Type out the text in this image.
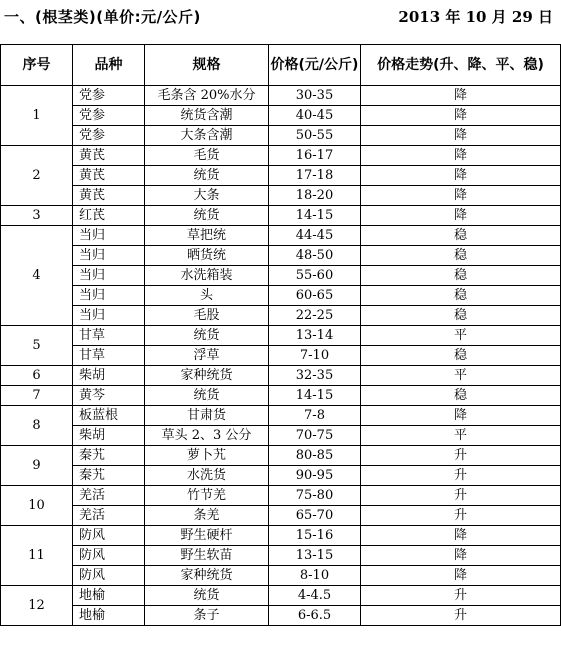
一、(根茎类)(单价:元/公斤)	2013 年 10 月 29 日
序号	品种	规格	价格(元/公斤)	价格走势(升、降、平、稳)
1	党参	毛条含 20%水分	30-35	降
	党参	统货含潮	40-45	降
	党参	大条含潮	50-55	降
2	黄芪	毛货	16-17	降
	黄芪	统货	17-18	降
	黄芪	大条	18-20	降
3	红芪	统货	14-15	降
4	当归	草把统	44-45	稳
	当归	晒货统	48-50	稳
	当归	水洗箱装	55-60	稳
	当归	头	60-65	稳
	当归	毛股	22-25	稳
5	甘草	统货	13-14	平
	甘草	浮草	7-10	稳
6	柴胡	家种统货	32-35	平
7	黄芩	统货	14-15	稳
8	板蓝根	甘肃货	7-8	降
	柴胡	草头 2、3 公分	70-75	平
9	秦艽	萝卜艽	80-85	升
	秦艽	水洗货	90-95	升
10	羌活	竹节羌	75-80	升
	羌活	条羌	65-70	升
11	防风	野生硬杆	15-16	降
	防风	野生软苗	13-15	降
	防风	家种统货	8-10	降
12	地榆	统货	4-4.5	升
	地榆	条子	6-6.5	升
